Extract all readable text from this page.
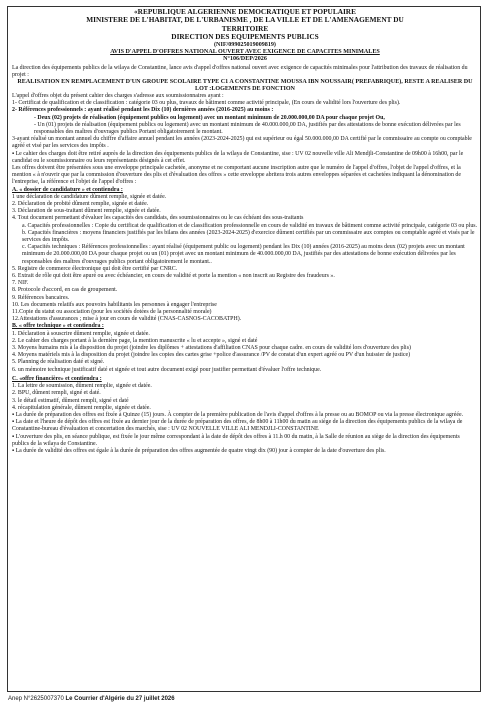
«REPUBLIQUE ALGERIENNE DEMOCRATIQUE ET POPULAIRE
MINISTERE DE L'HABITAT, DE L'URBANISME , DE LA VILLE ET DE L'AMENAGEMENT DU
TERRITOIRE
DIRECTION DES EQUIPEMENTS PUBLICS
(NIF/099025019009819)
AVIS D'APPEL D'OFFRES NATIONAL OUVERT AVEC EXIGENCE DE CAPACITES MINIMALES
N°106/DEP/2026

La direction des équipements publics de la wilaya de Constantine, lance avis d'appel d'offres national ouvert avec exigence de capacités minimales pour l'attribution des travaux de réalisation du projet :

REALISATION EN REMPLACEMENT D'UN GROUPE SCOLAIRE TYPE C1 A CONSTANTINE MOUSSA IBN NOUSSAIR( PREFABRIQUE), RESTE A REALISER DU LOT :LOGEMENTS DE FONCTION

L'appel d'offres objet du présent cahier des charges s'adresse aux soumissionnaires ayant :

1- Certificat de qualification et de classification : catégorie 03 ou plus, travaux de bâtiment comme activité principale, (En cours de validité lors l'ouverture des plis).

2- Références professionnels : ayant réalisé pendant les Dix (10) dernières années (2016-2025) au moins :

- Deux (02) projets de réalisation (équipement publics ou logement) avec un montant minimum de 20.000.000,00 DA pour chaque projet Ou,

- Un (01) projets de réalisation (équipement publics ou logement) avec un montant minimum de 40.000.000,00 DA, justifiés par des attestations de bonne exécution délivrées par les responsables des maîtres d'ouvrages publics Portant obligatoirement le montant.

3-ayant réalisé un montant annuel du chiffre d'affaire annuel pendant les années (2023-2024-2025) qui est supérieur ou égal 50.000.000,00 DA certifié par le commissaire au compte ou comptable agréé et visé par les services des impôts .

▪ Le cahier des charges doit être retiré auprès de la direction des équipements publics de la wilaya de Constantine, sise : UV 02 nouvelle ville Ali Mendjli-Constantine de 09h00 à 16h00, par le candidat ou le soumissionnaire ou leurs représentants désignés à cet effet.

Les offres doivent être présentées sous une enveloppe principale cachetée, anonyme et ne comportant aucune inscription autre que le numéro de l'appel d'offres, l'objet de l'appel d'offres, et la mention « à n'ouvrir que par la commission d'ouverture des plis et d'évaluation des offres » cette enveloppe abritera trois autres enveloppes séparées et cachetées indiquant la dénomination de l'entreprise, la référence et l'objet de l'appel d'offres :

A. « dossier de candidature » et contiendra :

1 une déclaration de candidature dûment remplie, signée et datée.

2. Déclaration de probité dûment remplie, signée et datée.

3. Déclaration de sous-traitant dûment remplie, signée et datée.

4. Tout document permettant d'évaluer les capacités des candidats, des soumissionnaires ou le cas échéant des sous-traitants

a. Capacités professionnelles : Copie du certificat de qualification et de classification professionnelle en cours de validité en travaux de bâtiment comme activité principale, catégorie 03 ou plus.

b. Capacités financières : moyens financiers justifiés par les bilans des années (2023-2024-2025) d'exercice dûment certifiés par un commissaire aux comptes ou comptable agréé et visés par le services des impôts.

c. Capacités techniques : Références professionnelles : ayant réalisé (équipement public ou logement) pendant les Dix (10) années (2016-2025) au moins deux (02) projets avec un montant minimum de 20.000.000,00 DA pour chaque projet ou un (01) projet avec un montant minimum de 40.000.000,00 DA, justifiés par des attestations de bonne exécution délivrées par les responsables des maîtres d'ouvrages publics portant obligatoirement le montant..

5. Registre de commerce électronique qui doit être certifié par CNRC.

6. Extrait de rôle qui doit être apuré ou avec échéancier, en cours de validité et porte la mention « non inscrit au Registre des fraudeurs ».

7. NIF.

8. Protocole d'accord, en cas de groupement.

9. Références bancaires.

10. Les documents relatifs aux pouvoirs habilitants les personnes à engager l'entreprise

11.Copie du statut ou association (pour les sociétés dotées de la personnalité morale)

12.Attestations d'assurances ; mise à jour en cours de validité (CNAS-CASNOS-CACOBATPH).

B. « offre technique » et contiendra :

1. Déclaration à souscrire dûment remplie, signée et datée.

2. Le cahier des charges portant à la dernière page, la mention manuscrite « lu et accepte », signé et daté

3. Moyens humains mis à la disposition du projet (joindre les diplômes + attestations d'affiliation CNAS pour chaque cadre. en cours de validité lors d'ouverture des plis)

4. Moyens matériels mis à la disposition du projet (joindre les copies des cartes grise +police d'assurance /PV de constat d'un expert agréé ou PV d'un huissier de justice)

5. Planning de réalisation daté et signé.

6. un mémoire technique justificatif daté et signée et tout autre document exigé pour justifier permettant d'évaluer l'offre technique.

C. «offre financière» et contiendra :

1. La lettre de soumission, dûment remplie, signée et datée.

2. BPU, dûment rempli, signé et daté.

3. le détail estimatif, dûment rempli, signé et daté

4. récapitulation générale, dûment remplie, signée et datée.

▪ La durée de préparation des offres est fixée à Quinze (15) jours. À compter de la première publication de l'avis d'appel d'offres à la presse ou au BOMOP ou via la presse électronique agréée.

▪ La date et l'heure de dépôt des offres est fixée au dernier jour de la durée de préparation des offres, de 8h00 à 11h00 du matin au siège de la direction des équipements publics de la wilaya de Constantine-bureau d'évaluation et concertation des marchés, sise : UV 02 NOUVELLE VILLE ALI MENDJLI-CONSTANTINE

▪ L'ouverture des plis, en séance publique, est fixée le jour même correspondant à la date de dépôt des offres à 11.h 00 du matin, à la Salle de réunion au siège de la direction des équipements publics de la wilaya de Constantine.

▪ La durée de validité des offres est égale à la durée de préparation des offres augmentée de quatre vingt dix (90) jour à compter de la date d'ouverture des plis.

Anep N°2625007370 Le Courrier d'Algérie du 27 juillet 2026
